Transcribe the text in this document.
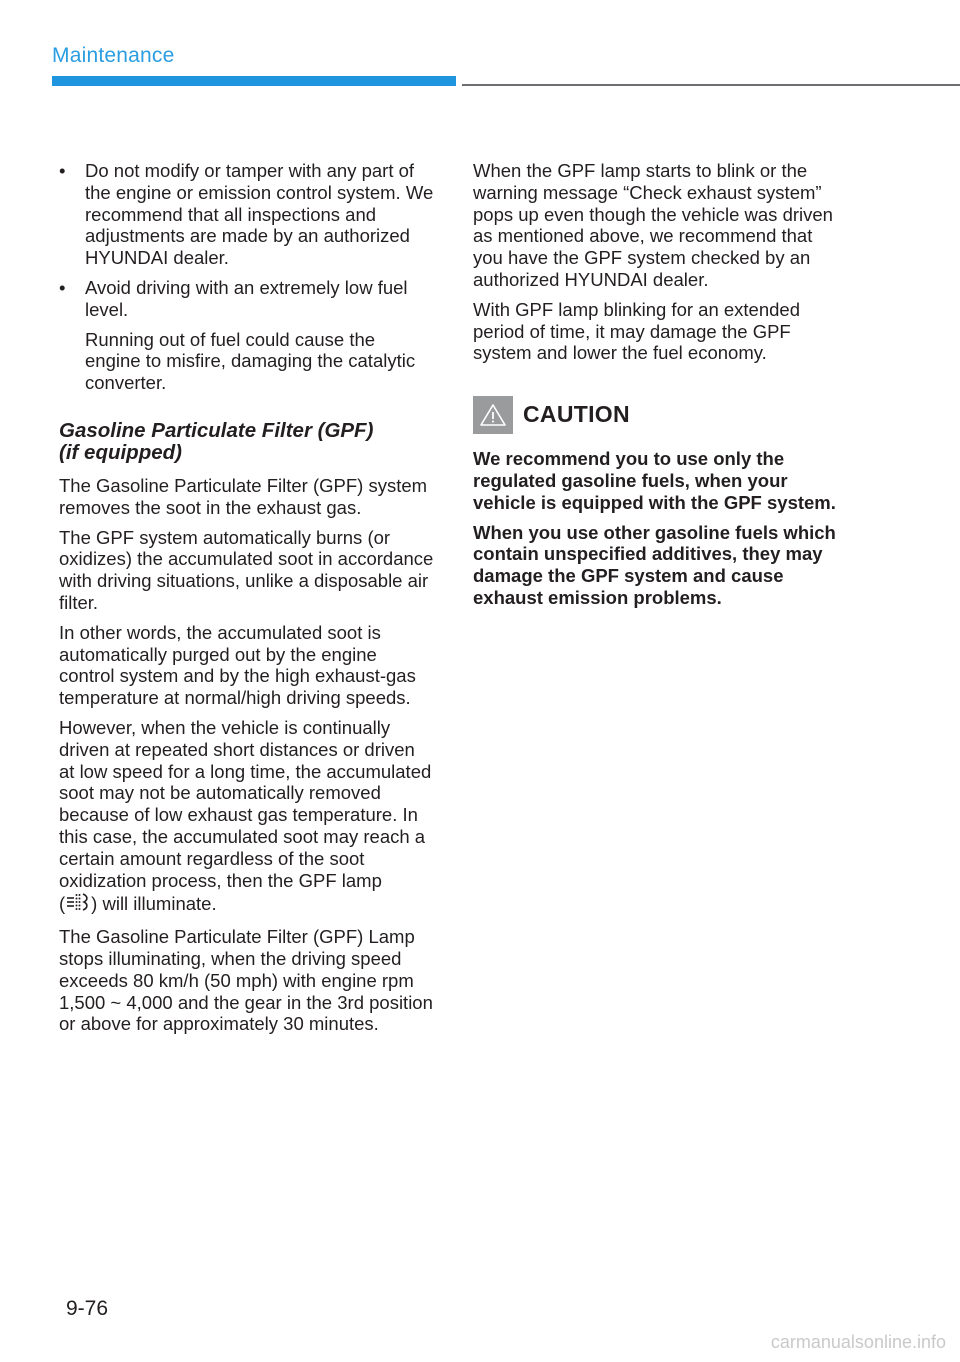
Maintenance
• Do not modify or tamper with any part of the engine or emission control system. We recommend that all inspections and adjustments are made by an authorized HYUNDAI dealer.
• Avoid driving with an extremely low fuel level.

Running out of fuel could cause the engine to misfire, damaging the catalytic converter.

Gasoline Particulate Filter (GPF)
(if equipped)

The Gasoline Particulate Filter (GPF) system removes the soot in the exhaust gas.

The GPF system automatically burns (or oxidizes) the accumulated soot in accordance with driving situations, unlike a disposable air filter.

In other words, the accumulated soot is automatically purged out by the engine control system and by the high exhaust-gas temperature at normal/high driving speeds.

However, when the vehicle is continually driven at repeated short distances or driven at low speed for a long time, the accumulated soot may not be automatically removed because of low exhaust gas temperature. In this case, the accumulated soot may reach a certain amount regardless of the soot oxidization process, then the GPF lamp
( ) will illuminate.

The Gasoline Particulate Filter (GPF) Lamp stops illuminating, when the driving speed exceeds 80 km/h (50 mph) with engine rpm 1,500 ~ 4,000 and the gear in the 3rd position or above for approximately 30 minutes.

When the GPF lamp starts to blink or the warning message “Check exhaust system” pops up even though the vehicle was driven as mentioned above, we recommend that you have the GPF system checked by an authorized HYUNDAI dealer.

With GPF lamp blinking for an extended period of time, it may damage the GPF system and lower the fuel economy.

CAUTION

We recommend you to use only the regulated gasoline fuels, when your vehicle is equipped with the GPF system.

When you use other gasoline fuels which contain unspecified additives, they may damage the GPF system and cause exhaust emission problems.

9-76
carmanualsonline.info
